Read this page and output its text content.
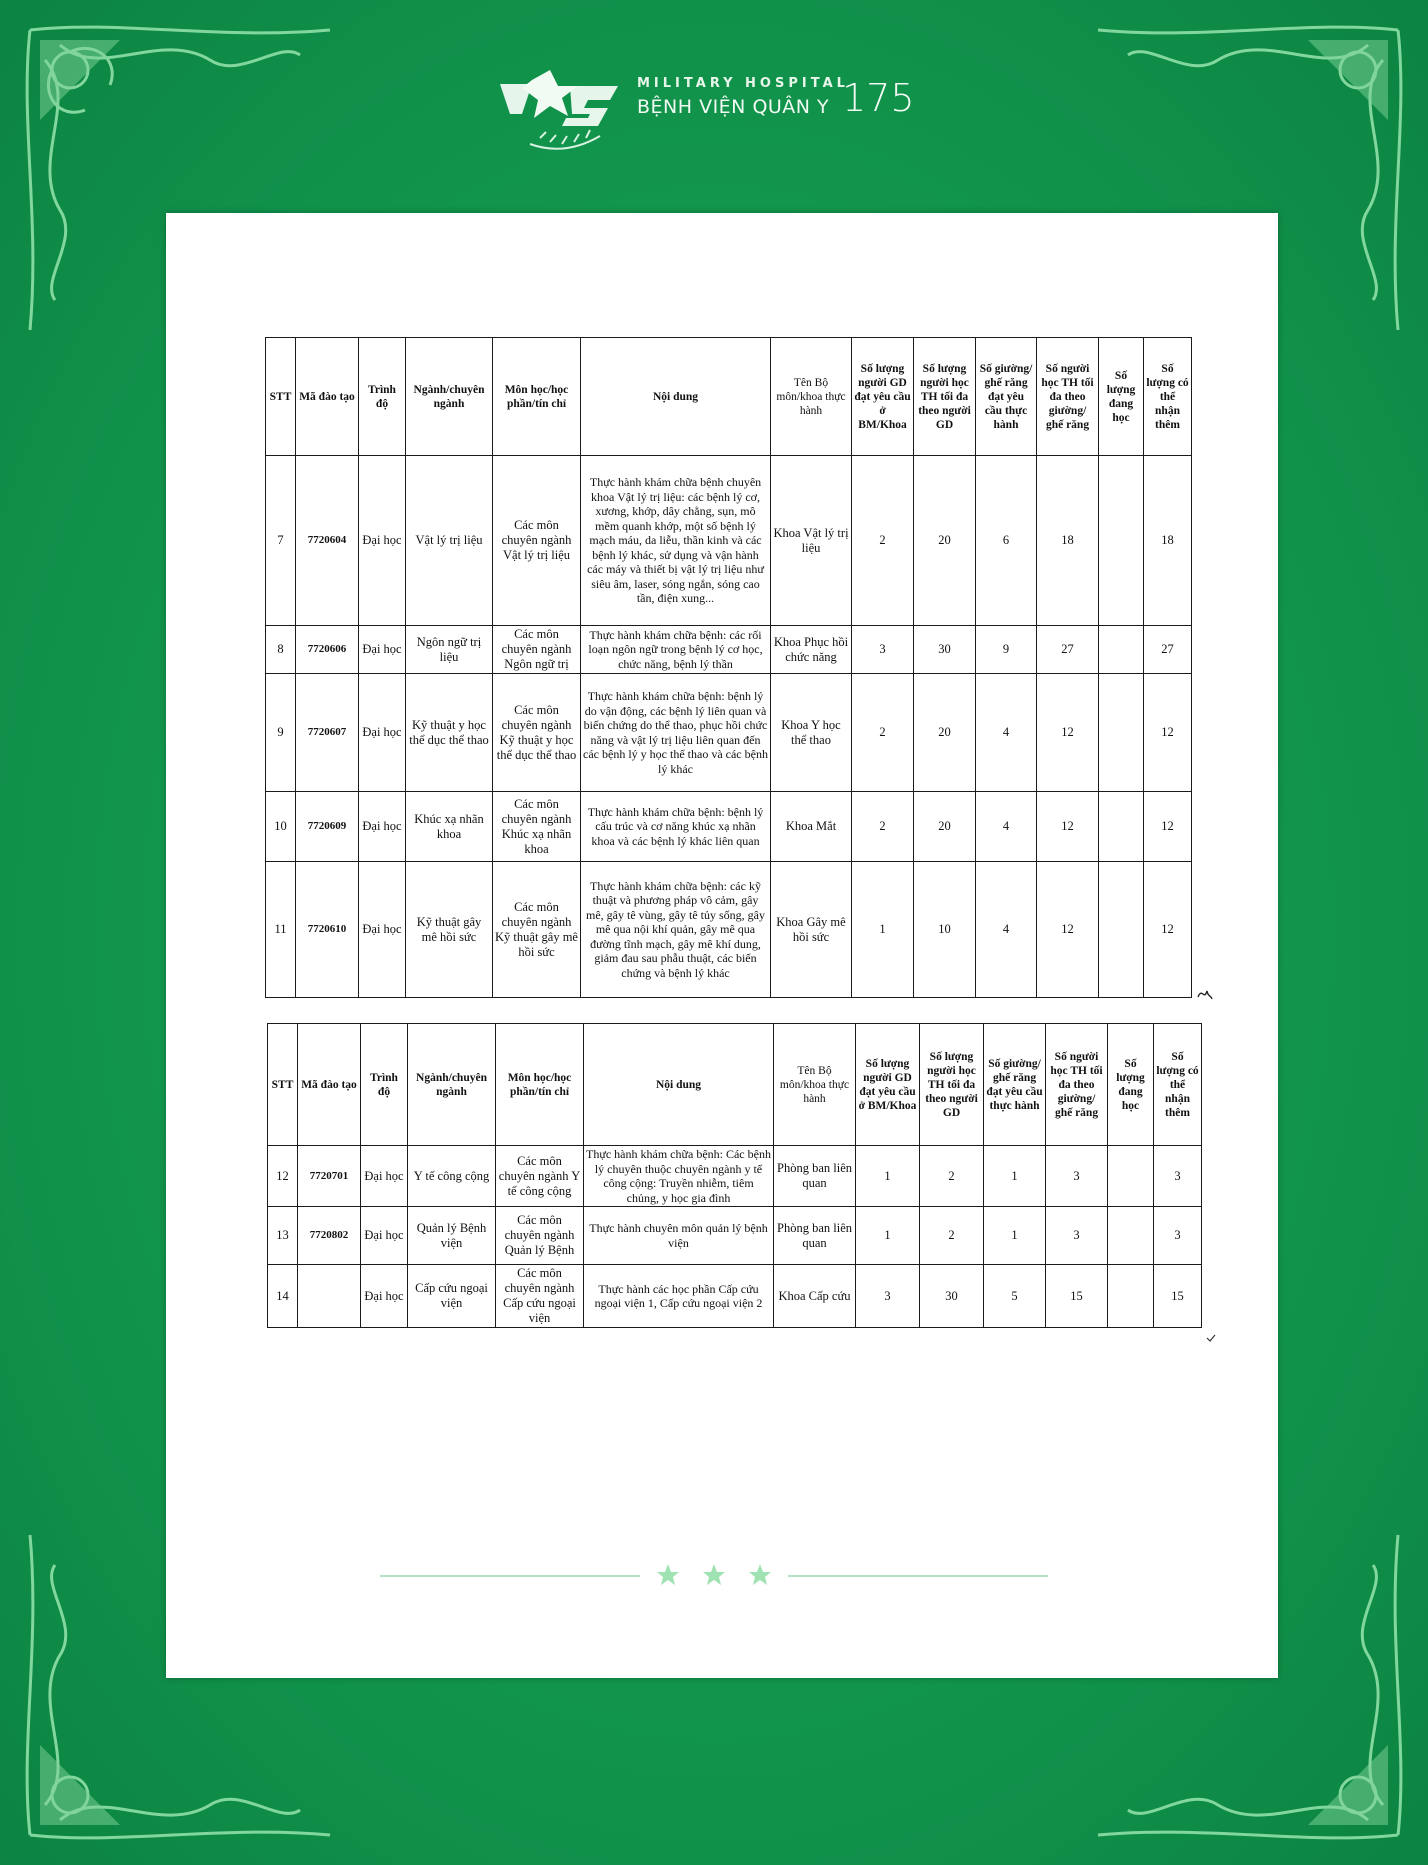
MILITARY HOSPITAL
BỆNH VIỆN QUÂN Y 175
STT	Mã đào tạo	Trình độ	Ngành/chuyên ngành	Môn học/học phần/tín chỉ	Nội dung	Tên Bộ môn/khoa thực hành	Số lượng người GD đạt yêu cầu ở BM/Khoa	Số lượng người học TH tối đa theo người GD	Số giường/ ghế răng đạt yêu cầu thực hành	Số người học TH tối đa theo giường/ ghế răng	Số lượng đang học	Số lượng có thể nhận thêm
7	7720604	Đại học	Vật lý trị liệu	Các môn chuyên ngành Vật lý trị liệu	Thực hành khám chữa bệnh chuyên khoa Vật lý trị liệu: các bệnh lý cơ, xương, khớp, dây chằng, sụn, mô mềm quanh khớp, một số bệnh lý mạch máu, da liễu, thần kinh và các bệnh lý khác, sử dụng và vận hành các máy và thiết bị vật lý trị liệu như siêu âm, laser, sóng ngắn, sóng cao tần, điện xung...	Khoa Vật lý trị liệu	2	20	6	18		18
8	7720606	Đại học	Ngôn ngữ trị liệu	Các môn chuyên ngành Ngôn ngữ trị	Thực hành khám chữa bệnh: các rối loạn ngôn ngữ trong bệnh lý cơ học, chức năng, bệnh lý thần	Khoa Phục hồi chức năng	3	30	9	27		27
9	7720607	Đại học	Kỹ thuật y học thể dục thể thao	Các môn chuyên ngành Kỹ thuật y học thể dục thể thao	Thực hành khám chữa bệnh: bệnh lý do vận động, các bệnh lý liên quan và biến chứng do thể thao, phục hồi chức năng và vật lý trị liệu liên quan đến các bệnh lý y học thể thao và các bệnh lý khác	Khoa Y học thể thao	2	20	4	12		12
10	7720609	Đại học	Khúc xạ nhãn khoa	Các môn chuyên ngành Khúc xạ nhãn khoa	Thực hành khám chữa bệnh: bệnh lý cấu trúc và cơ năng khúc xạ nhãn khoa và các bệnh lý khác liên quan	Khoa Mắt	2	20	4	12		12
11	7720610	Đại học	Kỹ thuật gây mê hồi sức	Các môn chuyên ngành Kỹ thuật gây mê hồi sức	Thực hành khám chữa bệnh: các kỹ thuật và phương pháp vô cảm, gây mê, gây tê vùng, gây tê tủy sống, gây mê qua nội khí quản, gây mê qua đường tĩnh mạch, gây mê khí dung, giảm đau sau phẫu thuật, các biến chứng và bệnh lý khác	Khoa Gây mê hồi sức	1	10	4	12		12
STT	Mã đào tạo	Trình độ	Ngành/chuyên ngành	Môn học/học phần/tín chỉ	Nội dung	Tên Bộ môn/khoa thực hành	Số lượng người GD đạt yêu cầu ở BM/Khoa	Số lượng người học TH tối đa theo người GD	Số giường/ ghế răng đạt yêu cầu thực hành	Số người học TH tối đa theo giường/ ghế răng	Số lượng đang học	Số lượng có thể nhận thêm
12	7720701	Đại học	Y tế công cộng	Các môn chuyên ngành Y tế công cộng	Thực hành khám chữa bệnh: Các bệnh lý chuyên thuộc chuyên ngành y tế công cộng: Truyền nhiễm, tiêm chủng, y học gia đình	Phòng ban liên quan	1	2	1	3		3
13	7720802	Đại học	Quản lý Bệnh viện	Các môn chuyên ngành Quản lý Bệnh	Thực hành chuyên môn quản lý bệnh viện	Phòng ban liên quan	1	2	1	3		3
14		Đại học	Cấp cứu ngoại viện	Các môn chuyên ngành Cấp cứu ngoại viện	Thực hành các học phần Cấp cứu ngoại viện 1, Cấp cứu ngoại viện 2	Khoa Cấp cứu	3	30	5	15		15
